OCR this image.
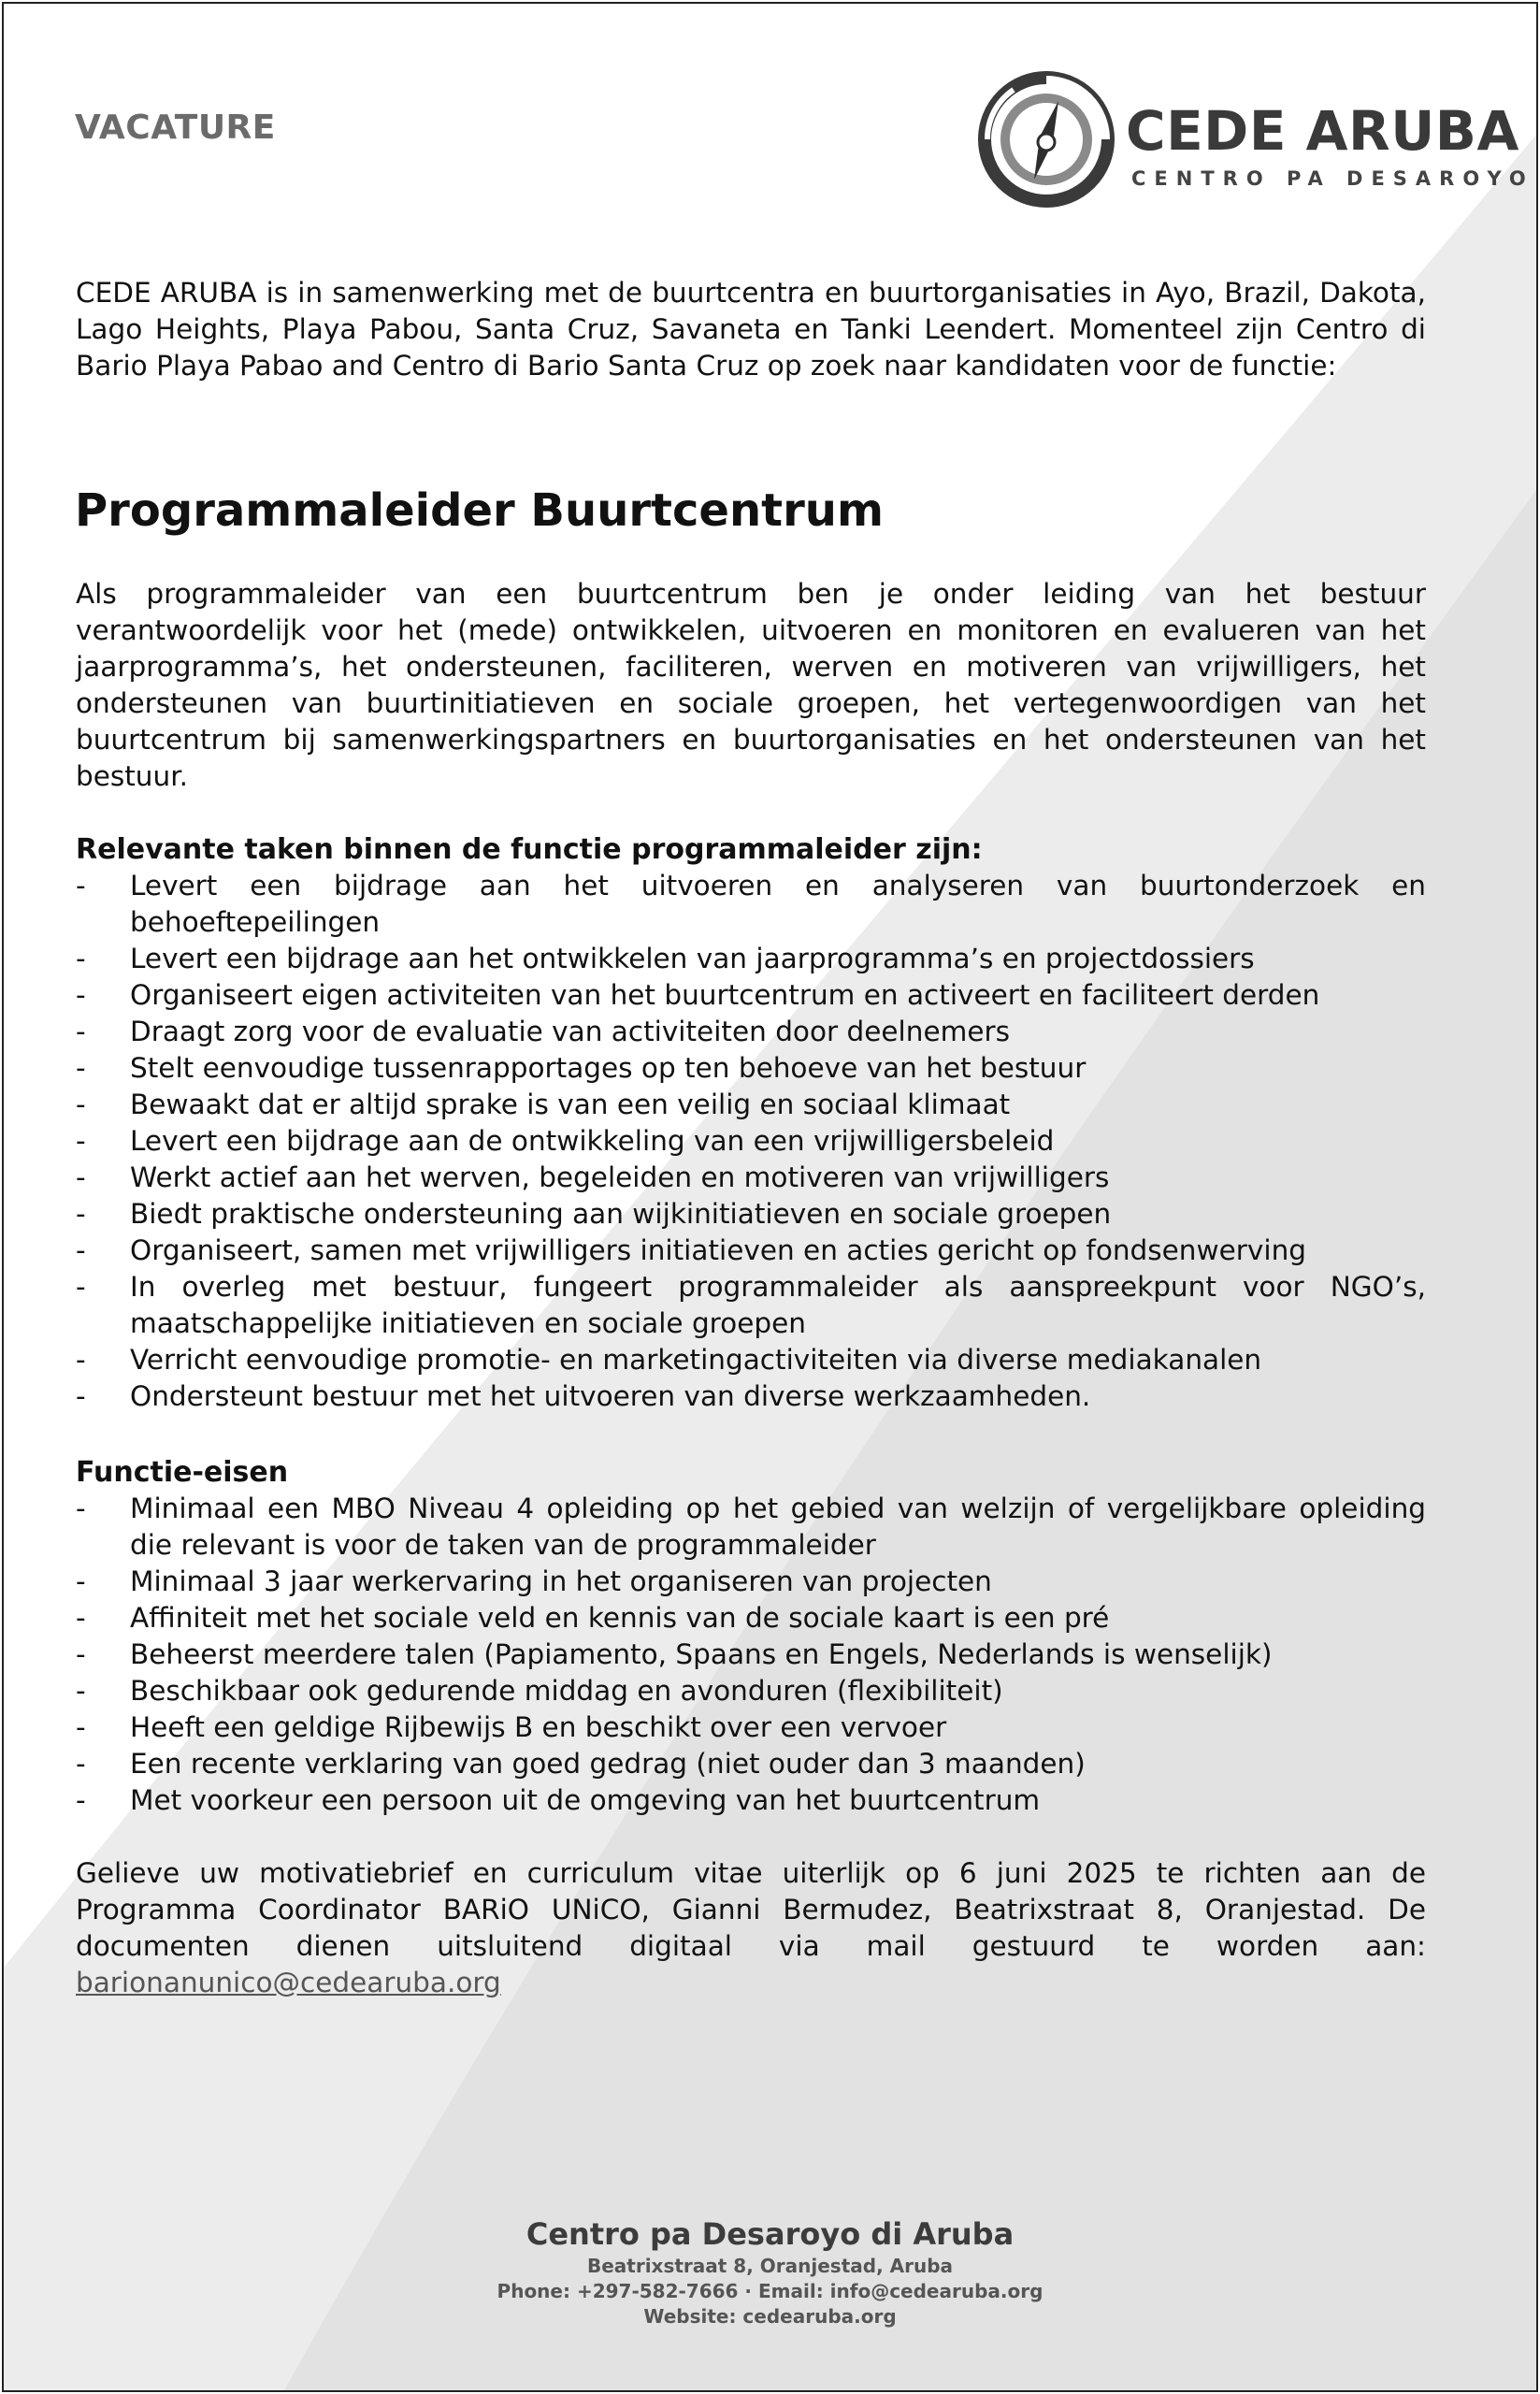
VACATURE	CEDE ARUBA
CENTRO PA DESAROYO

CEDE ARUBA is in samenwerking met de buurtcentra en buurtorganisaties in Ayo, Brazil, Dakota, Lago Heights, Playa Pabou, Santa Cruz, Savaneta en Tanki Leendert. Momenteel zijn Centro di Bario Playa Pabao and Centro di Bario Santa Cruz op zoek naar kandidaten voor de functie:

Programmaleider Buurtcentrum

Als programmaleider van een buurtcentrum ben je onder leiding van het bestuur verantwoordelijk voor het (mede) ontwikkelen, uitvoeren en monitoren en evalueren van het jaarprogramma’s, het ondersteunen, faciliteren, werven en motiveren van vrijwilligers, het ondersteunen van buurtinitiatieven en sociale groepen, het vertegenwoordigen van het buurtcentrum bij samenwerkingspartners en buurtorganisaties en het ondersteunen van het bestuur.

Relevante taken binnen de functie programmaleider zijn:
- Levert een bijdrage aan het uitvoeren en analyseren van buurtonderzoek en behoeftepeilingen
- Levert een bijdrage aan het ontwikkelen van jaarprogramma’s en projectdossiers
- Organiseert eigen activiteiten van het buurtcentrum en activeert en faciliteert derden
- Draagt zorg voor de evaluatie van activiteiten door deelnemers
- Stelt eenvoudige tussenrapportages op ten behoeve van het bestuur
- Bewaakt dat er altijd sprake is van een veilig en sociaal klimaat
- Levert een bijdrage aan de ontwikkeling van een vrijwilligersbeleid
- Werkt actief aan het werven, begeleiden en motiveren van vrijwilligers
- Biedt praktische ondersteuning aan wijkinitiatieven en sociale groepen
- Organiseert, samen met vrijwilligers initiatieven en acties gericht op fondsenwerving
- In overleg met bestuur, fungeert programmaleider als aanspreekpunt voor NGO’s, maatschappelijke initiatieven en sociale groepen
- Verricht eenvoudige promotie- en marketingactiviteiten via diverse mediakanalen
- Ondersteunt bestuur met het uitvoeren van diverse werkzaamheden.
Functie-eisen
- Minimaal een MBO Niveau 4 opleiding op het gebied van welzijn of vergelijkbare opleiding die relevant is voor de taken van de programmaleider
- Minimaal 3 jaar werkervaring in het organiseren van projecten
- Affiniteit met het sociale veld en kennis van de sociale kaart is een pré
- Beheerst meerdere talen (Papiamento, Spaans en Engels, Nederlands is wenselijk)
- Beschikbaar ook gedurende middag en avonduren (flexibiliteit)
- Heeft een geldige Rijbewijs B en beschikt over een vervoer
- Een recente verklaring van goed gedrag (niet ouder dan 3 maanden)
- Met voorkeur een persoon uit de omgeving van het buurtcentrum

Gelieve uw motivatiebrief en curriculum vitae uiterlijk op 6 juni 2025 te richten aan de Programma Coordinator BARiO UNiCO, Gianni Bermudez, Beatrixstraat 8, Oranjestad. De documenten dienen uitsluitend digitaal via mail gestuurd te worden aan: barionanunico@cedearuba.org

Centro pa Desaroyo di Aruba
Beatrixstraat 8, Oranjestad, Aruba
Phone: +297-582-7666 · Email: info@cedearuba.org
Website: cedearuba.org
